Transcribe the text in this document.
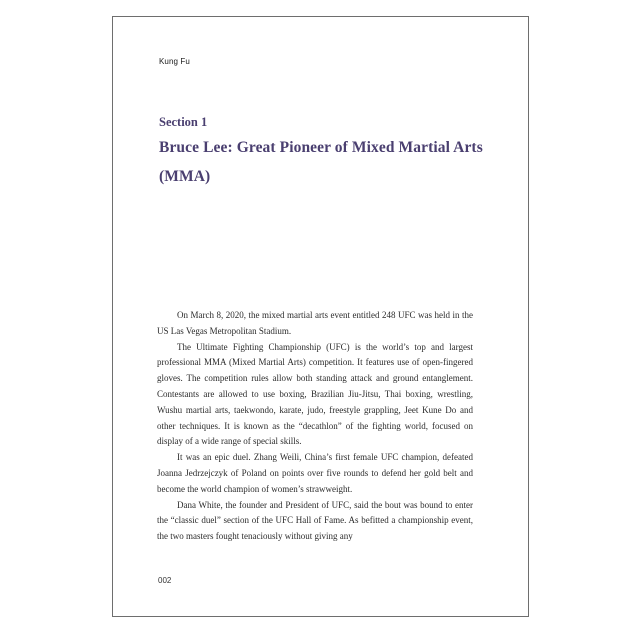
Kung Fu
Section 1
Bruce Lee: Great Pioneer of Mixed Martial Arts
(MMA)

On March 8, 2020, the mixed martial arts event entitled 248 UFC was held in the US Las Vegas Metropolitan Stadium.

The Ultimate Fighting Championship (UFC) is the world’s top and largest professional MMA (Mixed Martial Arts) competition. It features use of open-fingered gloves. The competition rules allow both standing attack and ground entanglement. Contestants are allowed to use boxing, Brazilian Jiu-Jitsu, Thai boxing, wrestling, Wushu martial arts, taekwondo, karate, judo, freestyle grappling, Jeet Kune Do and other techniques. It is known as the “decathlon” of the fighting world, focused on display of a wide range of special skills.

It was an epic duel. Zhang Weili, China’s first female UFC champion, defeated Joanna Jedrzejczyk of Poland on points over five rounds to defend her gold belt and become the world champion of women’s strawweight.

Dana White, the founder and President of UFC, said the bout was bound to enter the “classic duel” section of the UFC Hall of Fame. As befitted a championship event, the two masters fought tenaciously without giving any

002
